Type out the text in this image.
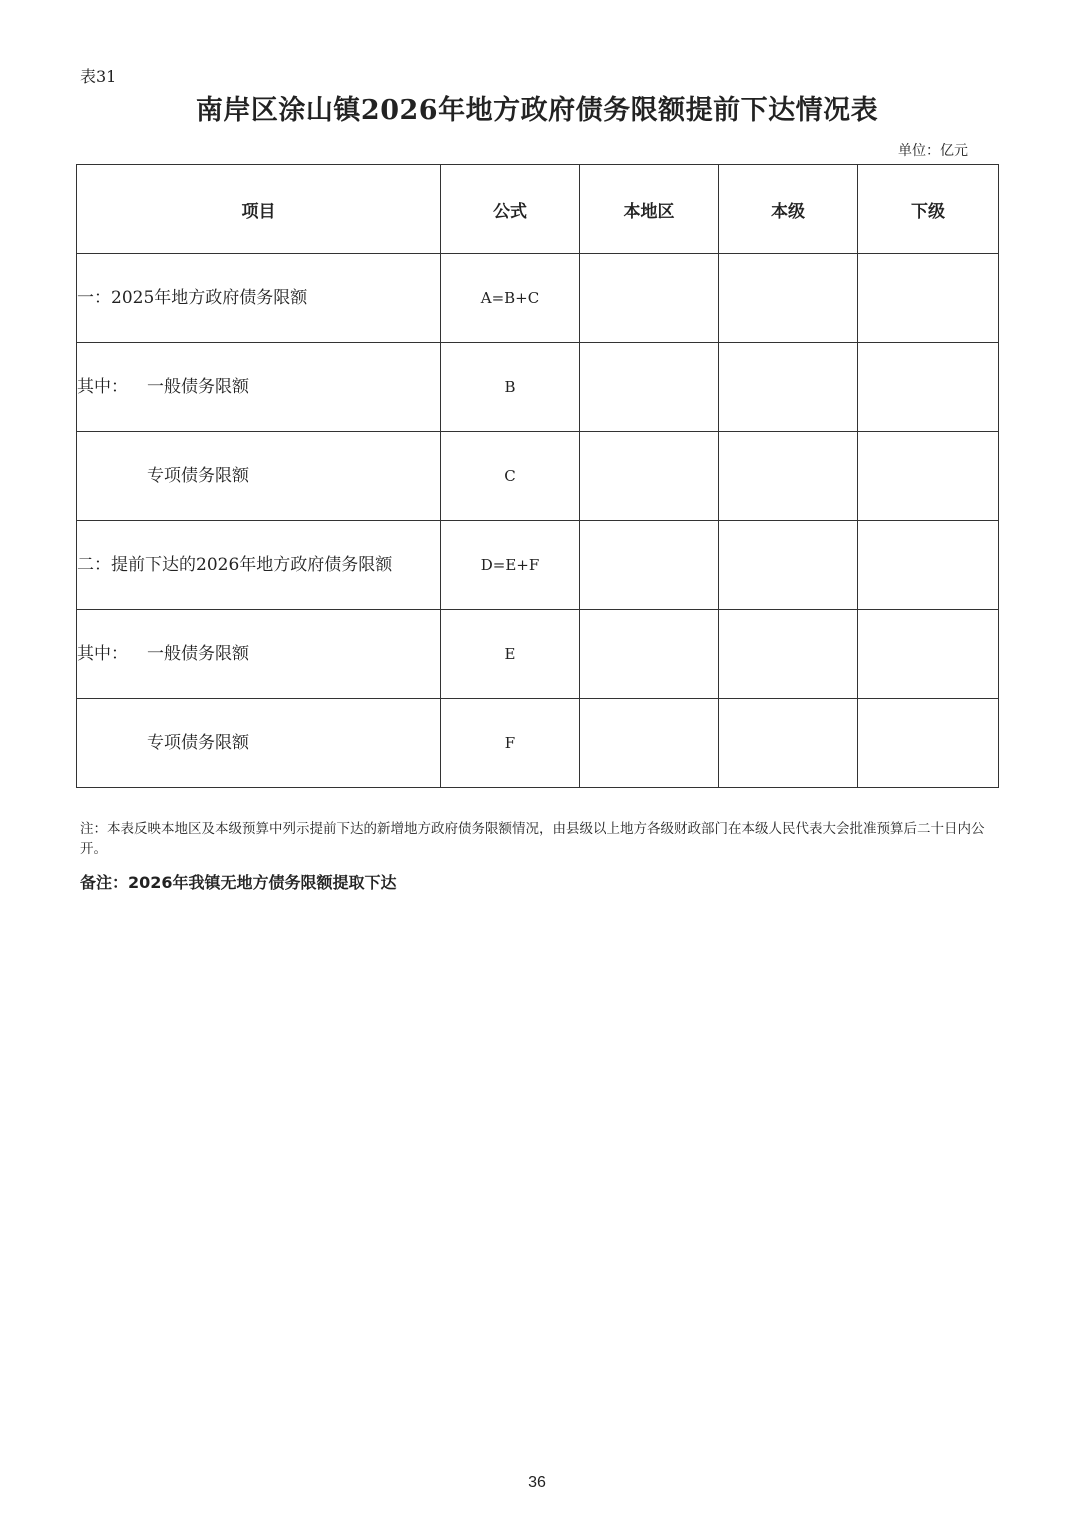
表31
南岸区涂山镇2026年地方政府债务限额提前下达情况表
单位：亿元
项目	公式	本地区	本级	下级
一：2025年地方政府债务限额	A=B+C			
其中： 一般债务限额	B			
专项债务限额	C			
二：提前下达的2026年地方政府债务限额	D=E+F			
其中： 一般债务限额	E			
专项债务限额	F			
注：本表反映本地区及本级预算中列示提前下达的新增地方政府债务限额情况，由县级以上地方各级财政部门在本级人民代表大会批准预算后二十日内公开。
备注：2026年我镇无地方债务限额提取下达
36
